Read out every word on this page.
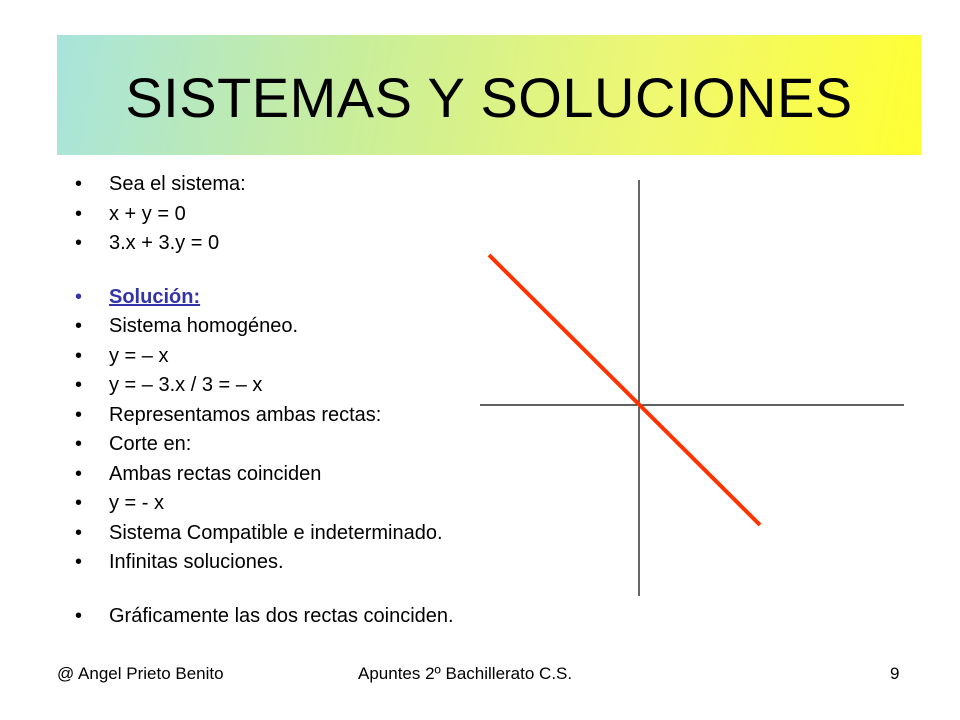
SISTEMAS Y SOLUCIONES
• Sea el sistema:
• x + y = 0
• 3.x + 3.y = 0
• Solución:
• Sistema homogéneo.
• y = – x
• y = – 3.x / 3 = – x
• Representamos ambas rectas:
• Corte en:
• Ambas rectas coinciden
• y = - x
• Sistema Compatible e indeterminado.
• Infinitas soluciones.
• Gráficamente las dos rectas coinciden.
@ Angel Prieto Benito	Apuntes 2º Bachillerato C.S.	9
